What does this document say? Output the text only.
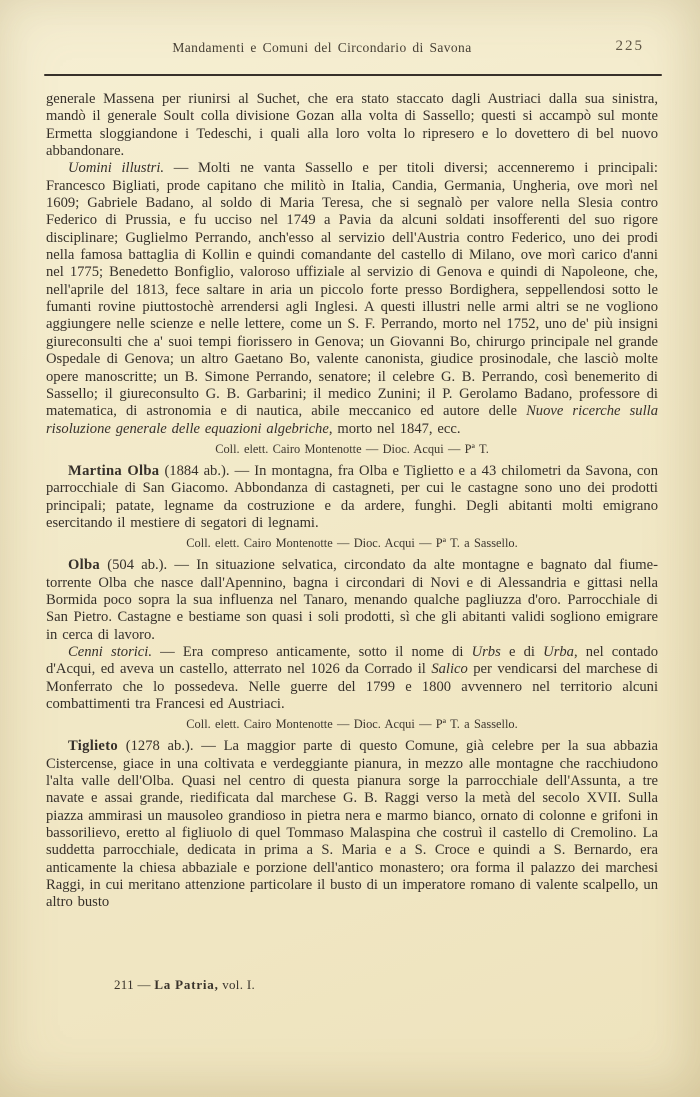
Mandamenti e Comuni del Circondario di Savona	225

generale Massena per riunirsi al Suchet, che era stato staccato dagli Austriaci dalla sua sinistra, mandò il generale Soult colla divisione Gozan alla volta di Sassello; questi si accampò sul monte Ermetta sloggiandone i Tedeschi, i quali alla loro volta lo ripresero e lo dovettero di bel nuovo abbandonare.

Uomini illustri. — Molti ne vanta Sassello e per titoli diversi; accenneremo i principali: Francesco Bigliati, prode capitano che militò in Italia, Candia, Germania, Ungheria, ove morì nel 1609; Gabriele Badano, al soldo di Maria Teresa, che si segnalò per valore nella Slesia contro Federico di Prussia, e fu ucciso nel 1749 a Pavia da alcuni soldati insofferenti del suo rigore disciplinare; Guglielmo Perrando, anch'esso al servizio dell'Austria contro Federico, uno dei prodi nella famosa battaglia di Kollin e quindi comandante del castello di Milano, ove morì carico d'anni nel 1775; Benedetto Bonfiglio, valoroso uffiziale al servizio di Genova e quindi di Napoleone, che, nell'aprile del 1813, fece saltare in aria un piccolo forte presso Bordighera, seppellendosi sotto le fumanti rovine piuttostochè arrendersi agli Inglesi. A questi illustri nelle armi altri se ne vogliono aggiungere nelle scienze e nelle lettere, come un S. F. Perrando, morto nel 1752, uno de' più insigni giureconsulti che a' suoi tempi fiorissero in Genova; un Giovanni Bo, chirurgo principale nel grande Ospedale di Genova; un altro Gaetano Bo, valente canonista, giudice prosinodale, che lasciò molte opere manoscritte; un B. Simone Perrando, senatore; il celebre G. B. Perrando, così benemerito di Sassello; il giureconsulto G. B. Garbarini; il medico Zunini; il P. Gerolamo Badano, professore di matematica, di astronomia e di nautica, abile meccanico ed autore delle Nuove ricerche sulla risoluzione generale delle equazioni algebriche, morto nel 1847, ecc.

Coll. elett. Cairo Montenotte — Dioc. Acqui — Pª T.

Martina Olba (1884 ab.). — In montagna, fra Olba e Tiglietto e a 43 chilometri da Savona, con parrocchiale di San Giacomo. Abbondanza di castagneti, per cui le castagne sono uno dei prodotti principali; patate, legname da costruzione e da ardere, funghi. Degli abitanti molti emigrano esercitando il mestiere di segatori di legnami.

Coll. elett. Cairo Montenotte — Dioc. Acqui — Pª T. a Sassello.

Olba (504 ab.). — In situazione selvatica, circondato da alte montagne e bagnato dal fiume-torrente Olba che nasce dall'Apennino, bagna i circondari di Novi e di Alessandria e gittasi nella Bormida poco sopra la sua influenza nel Tanaro, menando qualche pagliuzza d'oro. Parrocchiale di San Pietro. Castagne e bestiame son quasi i soli prodotti, sì che gli abitanti validi sogliono emigrare in cerca di lavoro.

Cenni storici. — Era compreso anticamente, sotto il nome di Urbs e di Urba, nel contado d'Acqui, ed aveva un castello, atterrato nel 1026 da Corrado il Salico per vendicarsi del marchese di Monferrato che lo possedeva. Nelle guerre del 1799 e 1800 avvennero nel territorio alcuni combattimenti tra Francesi ed Austriaci.

Coll. elett. Cairo Montenotte — Dioc. Acqui — Pª T. a Sassello.

Tiglieto (1278 ab.). — La maggior parte di questo Comune, già celebre per la sua abbazia Cistercense, giace in una coltivata e verdeggiante pianura, in mezzo alle montagne che racchiudono l'alta valle dell'Olba. Quasi nel centro di questa pianura sorge la parrocchiale dell'Assunta, a tre navate e assai grande, riedificata dal marchese G. B. Raggi verso la metà del secolo XVII. Sulla piazza ammirasi un mausoleo grandioso in pietra nera e marmo bianco, ornato di colonne e grifoni in bassorilievo, eretto al figliuolo di quel Tommaso Malaspina che costruì il castello di Cremolino. La suddetta parrocchiale, dedicata in prima a S. Maria e a S. Croce e quindi a S. Bernardo, era anticamente la chiesa abbaziale e porzione dell'antico monastero; ora forma il palazzo dei marchesi Raggi, in cui meritano attenzione particolare il busto di un imperatore romano di valente scalpello, un altro busto

211 — La Patria, vol. I.
